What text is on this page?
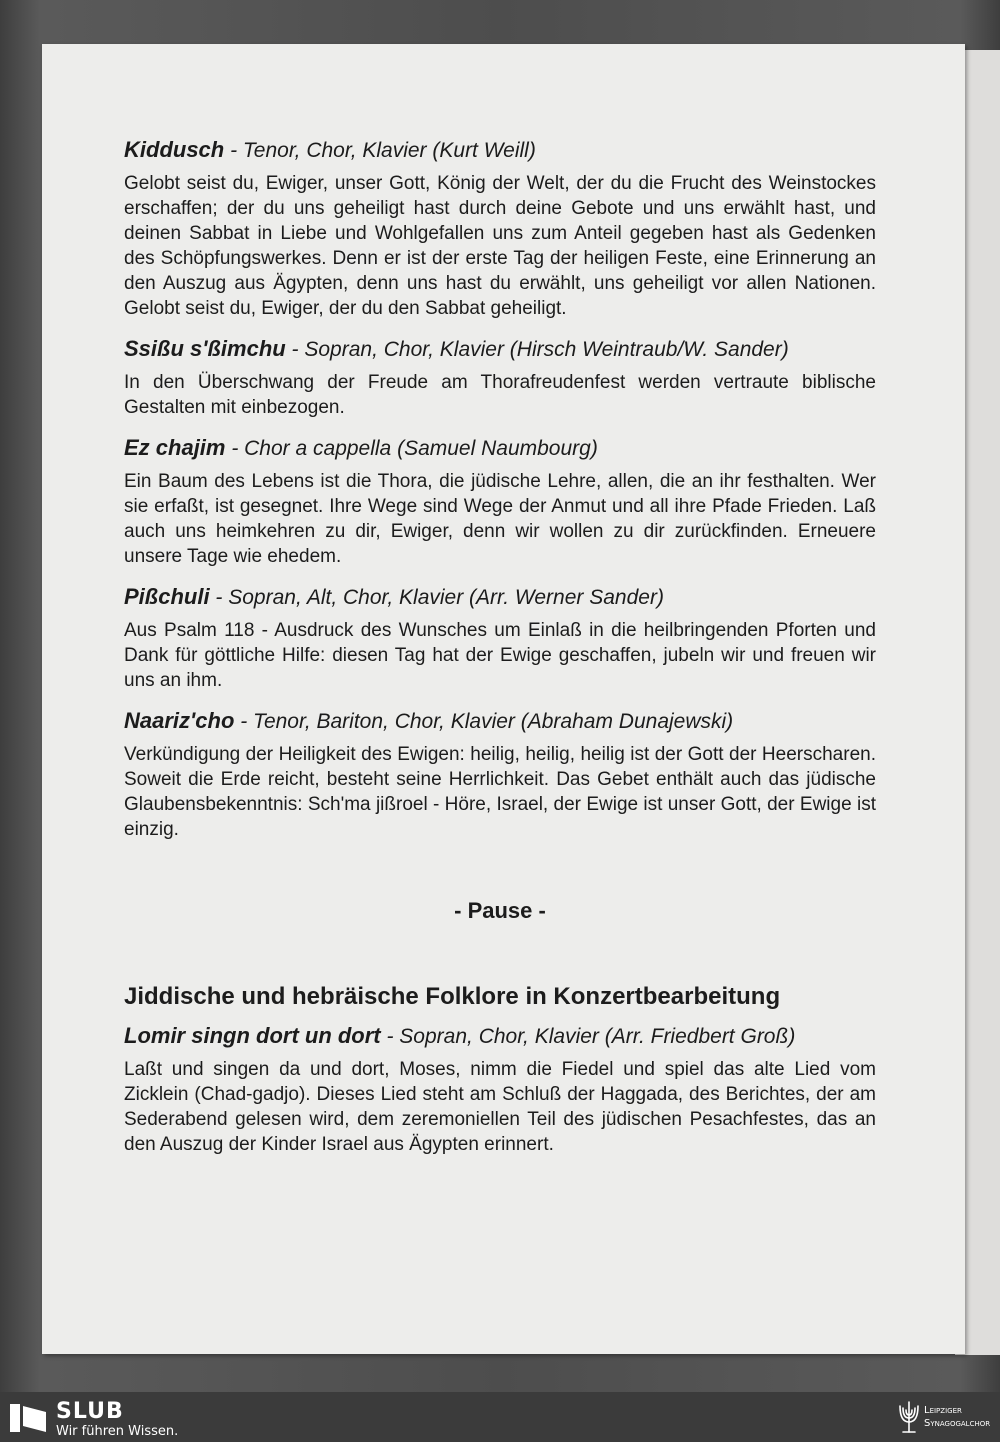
Kiddusch - Tenor, Chor, Klavier (Kurt Weill)

Gelobt seist du, Ewiger, unser Gott, König der Welt, der du die Frucht des Weinstockes erschaffen; der du uns geheiligt hast durch deine Gebote und uns erwählt hast, und deinen Sabbat in Liebe und Wohlgefallen uns zum Anteil gegeben hast als Gedenken des Schöpfungswerkes. Denn er ist der erste Tag der heiligen Feste, eine Erinnerung an den Auszug aus Ägypten, denn uns hast du erwählt, uns geheiligt vor allen Nationen. Gelobt seist du, Ewiger, der du den Sabbat geheiligt.

Ssißu s'ßimchu - Sopran, Chor, Klavier (Hirsch Weintraub/W. Sander)

In den Überschwang der Freude am Thorafreudenfest werden vertraute biblische Gestalten mit einbezogen.

Ez chajim - Chor a cappella (Samuel Naumbourg)

Ein Baum des Lebens ist die Thora, die jüdische Lehre, allen, die an ihr festhalten. Wer sie erfaßt, ist gesegnet. Ihre Wege sind Wege der Anmut und all ihre Pfade Frieden. Laß auch uns heimkehren zu dir, Ewiger, denn wir wollen zu dir zurückfinden. Erneuere unsere Tage wie ehedem.

Pißchuli - Sopran, Alt, Chor, Klavier (Arr. Werner Sander)

Aus Psalm 118 - Ausdruck des Wunsches um Einlaß in die heilbringenden Pforten und Dank für göttliche Hilfe: diesen Tag hat der Ewige geschaffen, jubeln wir und freuen wir uns an ihm.

Naariz'cho - Tenor, Bariton, Chor, Klavier (Abraham Dunajewski)

Verkündigung der Heiligkeit des Ewigen: heilig, heilig, heilig ist der Gott der Heerscharen. Soweit die Erde reicht, besteht seine Herrlichkeit. Das Gebet enthält auch das jüdische Glaubensbekenntnis: Sch'ma jißroel - Höre, Israel, der Ewige ist unser Gott, der Ewige ist einzig.

- Pause -

Jiddische und hebräische Folklore in Konzertbearbeitung

Lomir singn dort un dort - Sopran, Chor, Klavier (Arr. Friedbert Groß)

Laßt und singen da und dort, Moses, nimm die Fiedel und spiel das alte Lied vom Zicklein (Chad-gadjo). Dieses Lied steht am Schluß der Haggada, des Berichtes, der am Sederabend gelesen wird, dem zeremoniellen Teil des jüdischen Pesachfestes, das an den Auszug der Kinder Israel aus Ägypten erinnert.

SLUB
Wir führen Wissen.
Leipziger
Synagogalchor
